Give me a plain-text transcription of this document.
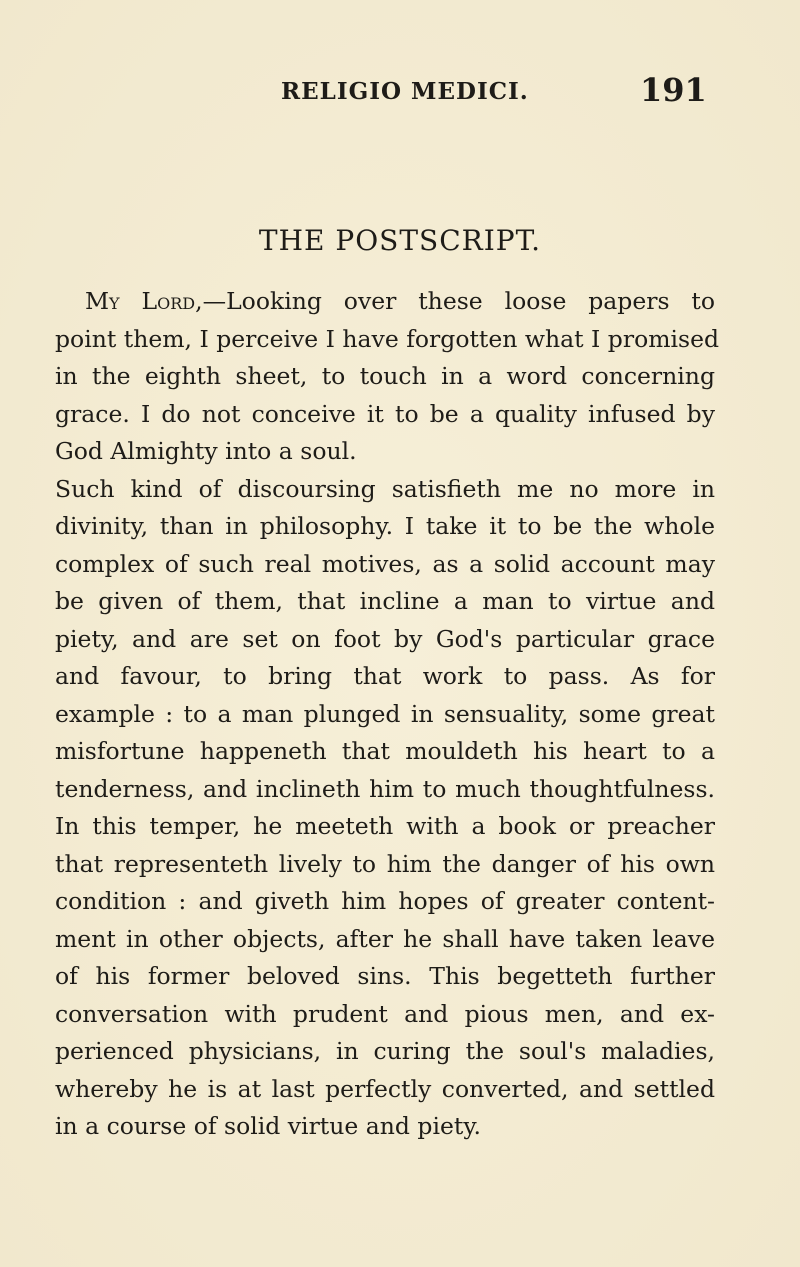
RELIGIO MEDICI.	191
THE POSTSCRIPT.
My Lord,—Looking over these loose papers to
point them, I perceive I have forgotten what I promised
in the eighth sheet, to touch in a word concerning
grace. I do not conceive it to be a quality infused by
God Almighty into a soul.
Such kind of discoursing satisfieth me no more in
divinity, than in philosophy. I take it to be the whole
complex of such real motives, as a solid account may
be given of them, that incline a man to virtue and
piety, and are set on foot by God's particular grace
and favour, to bring that work to pass. As for
example : to a man plunged in sensuality, some great
misfortune happeneth that mouldeth his heart to a
tenderness, and inclineth him to much thoughtfulness.
In this temper, he meeteth with a book or preacher
that representeth lively to him the danger of his own
condition : and giveth him hopes of greater content-
ment in other objects, after he shall have taken leave
of his former beloved sins. This begetteth further
conversation with prudent and pious men, and ex-
perienced physicians, in curing the soul's maladies,
whereby he is at last perfectly converted, and settled
in a course of solid virtue and piety.
